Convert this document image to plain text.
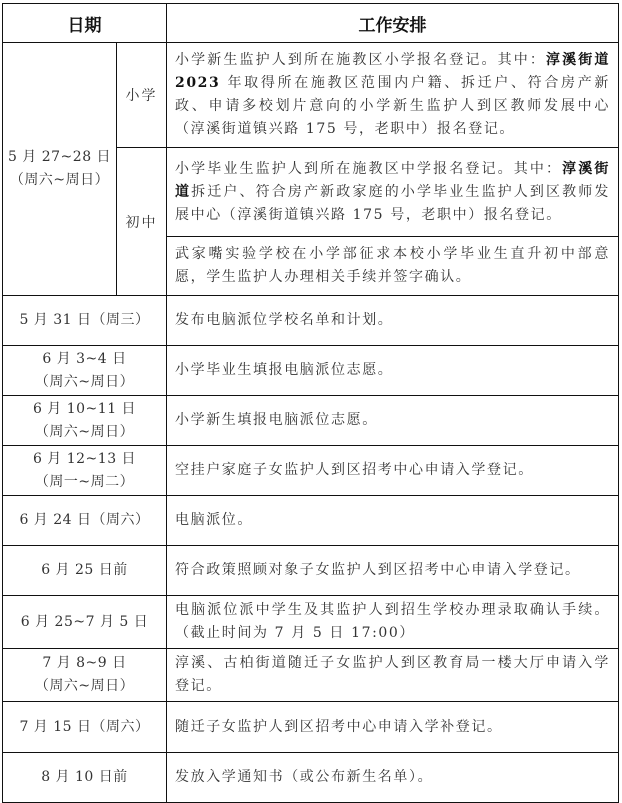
日期		工作安排

5 月 27~28 日
（周六~周日）	小学	小学新生监护人到所在施教区小学报名登记。其中：淳溪街道 2023 年取得所在施教区范围内户籍、拆迁户、符合房产新政、申请多校划片意向的小学新生监护人到区教师发展中心（淳溪街道镇兴路 175 号，老职中）报名登记。
	初中	小学毕业生监护人到所在施教区中学报名登记。其中：淳溪街道拆迁户、符合房产新政家庭的小学毕业生监护人到区教师发展中心（淳溪街道镇兴路 175 号，老职中）报名登记。
		武家嘴实验学校在小学部征求本校小学毕业生直升初中部意愿，学生监护人办理相关手续并签字确认。

5 月 31 日（周三）		发布电脑派位学校名单和计划。

6 月 3~4 日
（周六~周日）		小学毕业生填报电脑派位志愿。

6 月 10~11 日
（周六~周日）		小学新生填报电脑派位志愿。

6 月 12~13 日
（周一~周二）		空挂户家庭子女监护人到区招考中心申请入学登记。

6 月 24 日（周六）		电脑派位。

6 月 25 日前		符合政策照顾对象子女监护人到区招考中心申请入学登记。

6 月 25~7 月 5 日		电脑派位派中学生及其监护人到招生学校办理录取确认手续。（截止时间为 7 月 5 日 17:00）

7 月 8~9 日
（周六~周日）		淳溪、古柏街道随迁子女监护人到区教育局一楼大厅申请入学登记。

7 月 15 日（周六）		随迁子女监护人到区招考中心申请入学补登记。

8 月 10 日前		发放入学通知书（或公布新生名单）。
